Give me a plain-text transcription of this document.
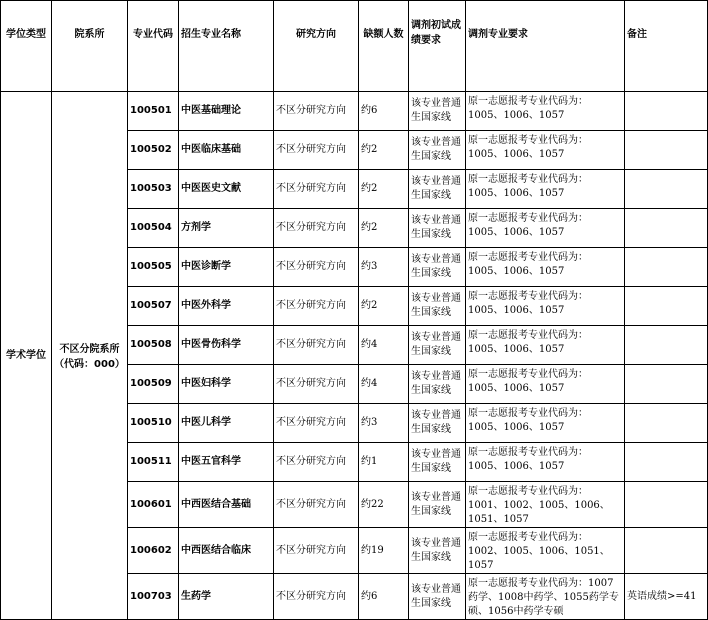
学位类型	院系所	专业代码	招生专业名称	研究方向	缺额人数	调剂初试成绩要求	调剂专业要求	备注
学术学位	不区分院系所（代码：000）	100501	中医基础理论	不区分研究方向	约6	该专业普通生国家线	原一志愿报考专业代码为：1005、1006、1057	
		100502	中医临床基础	不区分研究方向	约2	该专业普通生国家线	原一志愿报考专业代码为：1005、1006、1057	
		100503	中医医史文献	不区分研究方向	约2	该专业普通生国家线	原一志愿报考专业代码为：1005、1006、1057	
		100504	方剂学	不区分研究方向	约2	该专业普通生国家线	原一志愿报考专业代码为：1005、1006、1057	
		100505	中医诊断学	不区分研究方向	约3	该专业普通生国家线	原一志愿报考专业代码为：1005、1006、1057	
		100507	中医外科学	不区分研究方向	约2	该专业普通生国家线	原一志愿报考专业代码为：1005、1006、1057	
		100508	中医骨伤科学	不区分研究方向	约4	该专业普通生国家线	原一志愿报考专业代码为：1005、1006、1057	
		100509	中医妇科学	不区分研究方向	约4	该专业普通生国家线	原一志愿报考专业代码为：1005、1006、1057	
		100510	中医儿科学	不区分研究方向	约3	该专业普通生国家线	原一志愿报考专业代码为：1005、1006、1057	
		100511	中医五官科学	不区分研究方向	约1	该专业普通生国家线	原一志愿报考专业代码为：1005、1006、1057	
		100601	中西医结合基础	不区分研究方向	约22	该专业普通生国家线	原一志愿报考专业代码为：1001、1002、1005、1006、1051、1057	
		100602	中西医结合临床	不区分研究方向	约19	该专业普通生国家线	原一志愿报考专业代码为：1002、1005、1006、1051、1057	
		100703	生药学	不区分研究方向	约6	该专业普通生国家线	原一志愿报考专业代码为：1007药学、1008中药学、1055药学专硕、1056中药学专硕	英语成绩>=41
